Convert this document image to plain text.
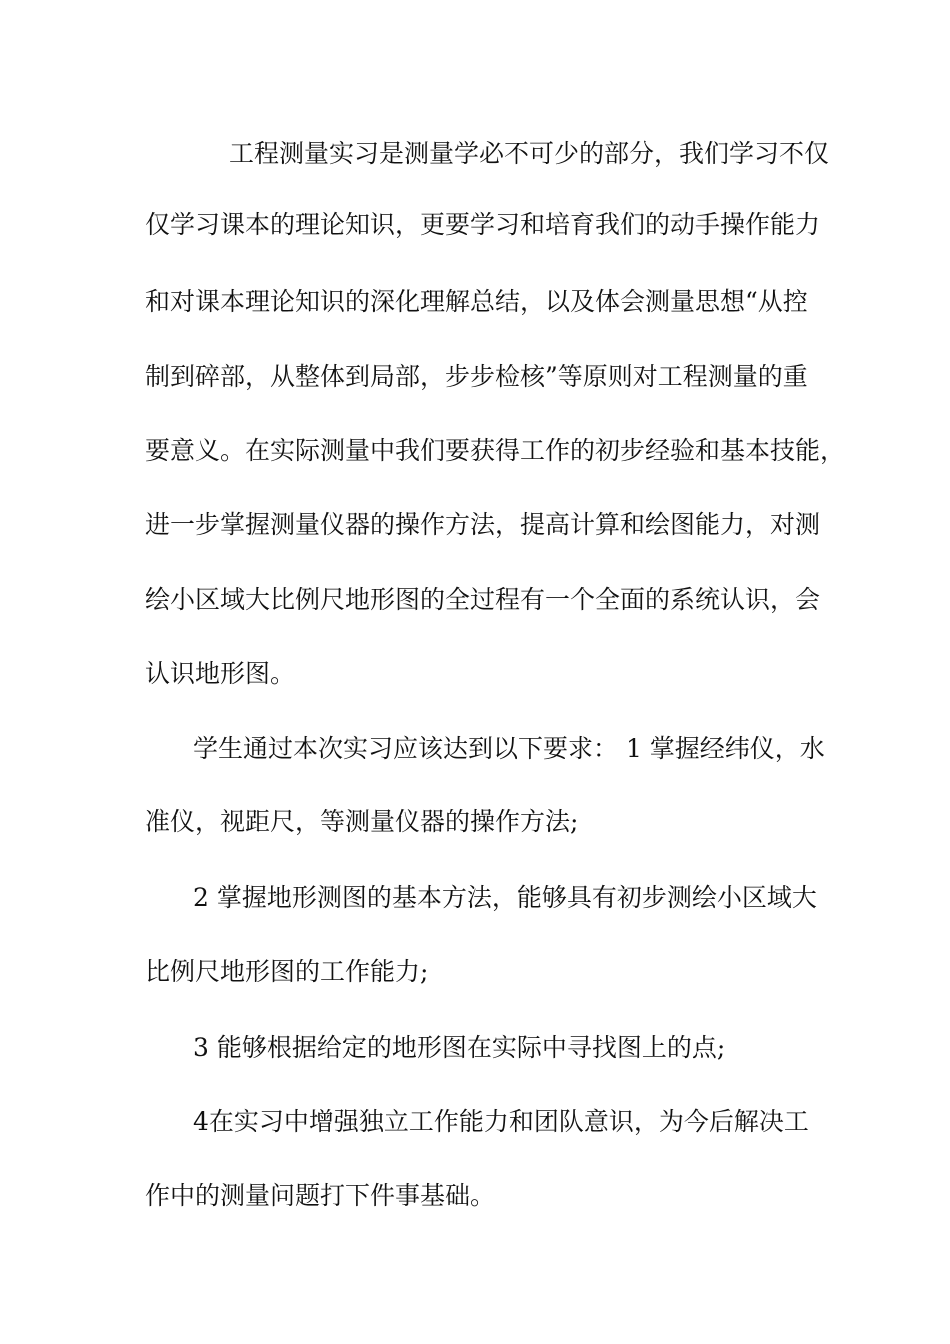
工程测量实习是测量学必不可少的部分，我们学习不仅
仅学习课本的理论知识，更要学习和培育我们的动手操作能力
和对课本理论知识的深化理解总结，以及体会测量思想“从控
制到碎部，从整体到局部，步步检核”等原则对工程测量的重
要意义。在实际测量中我们要获得工作的初步经验和基本技能，
进一步掌握测量仪器的操作方法，提高计算和绘图能力，对测
绘小区域大比例尺地形图的全过程有一个全面的系统认识，会
认识地形图。
学生通过本次实习应该达到以下要求： 1 掌握经纬仪，水
准仪，视距尺，等测量仪器的操作方法;
2 掌握地形测图的基本方法，能够具有初步测绘小区域大
比例尺地形图的工作能力;
3 能够根据给定的地形图在实际中寻找图上的点;
4在实习中增强独立工作能力和团队意识，为今后解决工
作中的测量问题打下件事基础。
